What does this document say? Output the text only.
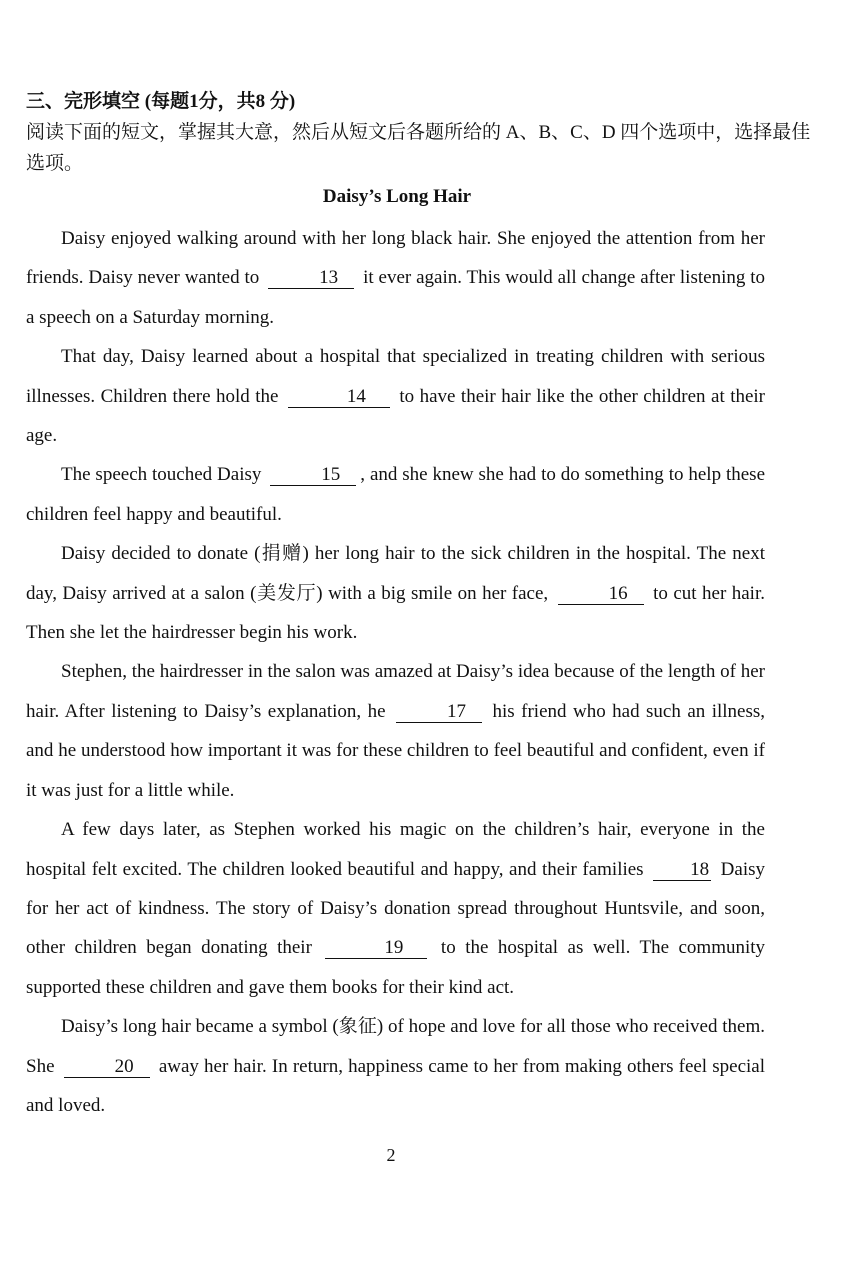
三、完形填空 (每题1分，共8 分)
阅读下面的短文，掌握其大意，然后从短文后各题所给的 A、B、C、D 四个选项中，选择最佳选项。
Daisy’s Long Hair

Daisy enjoyed walking around with her long black hair. She enjoyed the attention from her friends. Daisy never wanted to	13 it ever again. This would all change after listening to a speech on a Saturday morning.

That day, Daisy learned about a hospital that specialized in treating children with serious illnesses. Children there hold the	14 to have their hair like the other children at their age.

The speech touched Daisy	15 , and she knew she had to do something to help these children feel happy and beautiful.

Daisy decided to donate (捐赠) her long hair to the sick children in the hospital. The next day, Daisy arrived at a salon (美发厅) with a big smile on her face,	16 to cut her hair. Then she let the hairdresser begin his work.

Stephen, the hairdresser in the salon was amazed at Daisy’s idea because of the length of her hair. After listening to Daisy’s explanation, he	17 his friend who had such an illness, and he understood how important it was for these children to feel beautiful and confident, even if it was just for a little while.

A few days later, as Stephen worked his magic on the children’s hair, everyone in the hospital felt excited. The children looked beautiful and happy, and their families 18 Daisy for her act of kindness. The story of Daisy’s donation spread throughout Huntsvile, and soon, other children began donating their	19 to the hospital as well. The community supported these children and gave them books for their kind act.

Daisy’s long hair became a symbol (象征) of hope and love for all those who received them. She	20 away her hair. In return, happiness came to her from making others feel special and loved.

2
